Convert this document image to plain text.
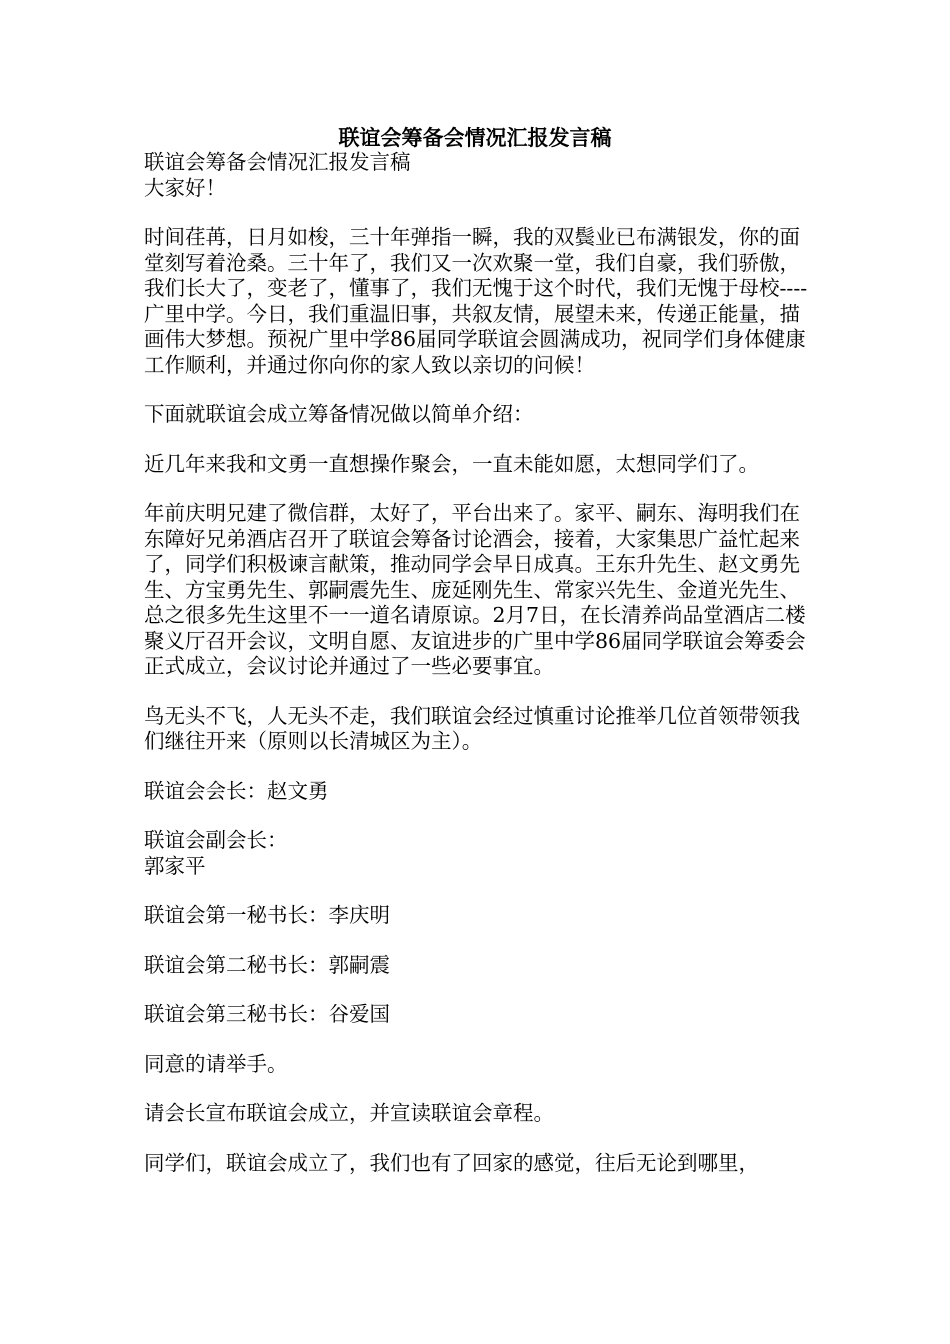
联谊会筹备会情况汇报发言稿

联谊会筹备会情况汇报发言稿

大家好！

时间荏苒，日月如梭，三十年弹指一瞬，我的双鬓业已布满银发，你的面堂刻写着沧桑。三十年了，我们又一次欢聚一堂，我们自豪，我们骄傲，我们长大了，变老了，懂事了，我们无愧于这个时代，我们无愧于母校----广里中学。今日，我们重温旧事，共叙友情，展望未来，传递正能量，描画伟大梦想。预祝广里中学86届同学联谊会圆满成功，祝同学们身体健康工作顺利，并通过你向你的家人致以亲切的问候！

下面就联谊会成立筹备情况做以简单介绍：

近几年来我和文勇一直想操作聚会，一直未能如愿，太想同学们了。

年前庆明兄建了微信群，太好了，平台出来了。家平、嗣东、海明我们在东障好兄弟酒店召开了联谊会筹备讨论酒会，接着，大家集思广益忙起来了，同学们积极谏言献策，推动同学会早日成真。王东升先生、赵文勇先生、方宝勇先生、郭嗣震先生、庞延刚先生、常家兴先生、金道光先生、总之很多先生这里不一一道名请原谅。2月7日，在长清养尚品堂酒店二楼聚义厅召开会议，文明自愿、友谊进步的广里中学86届同学联谊会筹委会正式成立，会议讨论并通过了一些必要事宜。

鸟无头不飞，人无头不走，我们联谊会经过慎重讨论推举几位首领带领我们继往开来（原则以长清城区为主）。

联谊会会长：赵文勇

联谊会副会长：
郭家平

联谊会第一秘书长：李庆明

联谊会第二秘书长：郭嗣震

联谊会第三秘书长：谷爱国

同意的请举手。

请会长宣布联谊会成立，并宣读联谊会章程。

同学们，联谊会成立了，我们也有了回家的感觉，往后无论到哪里，
